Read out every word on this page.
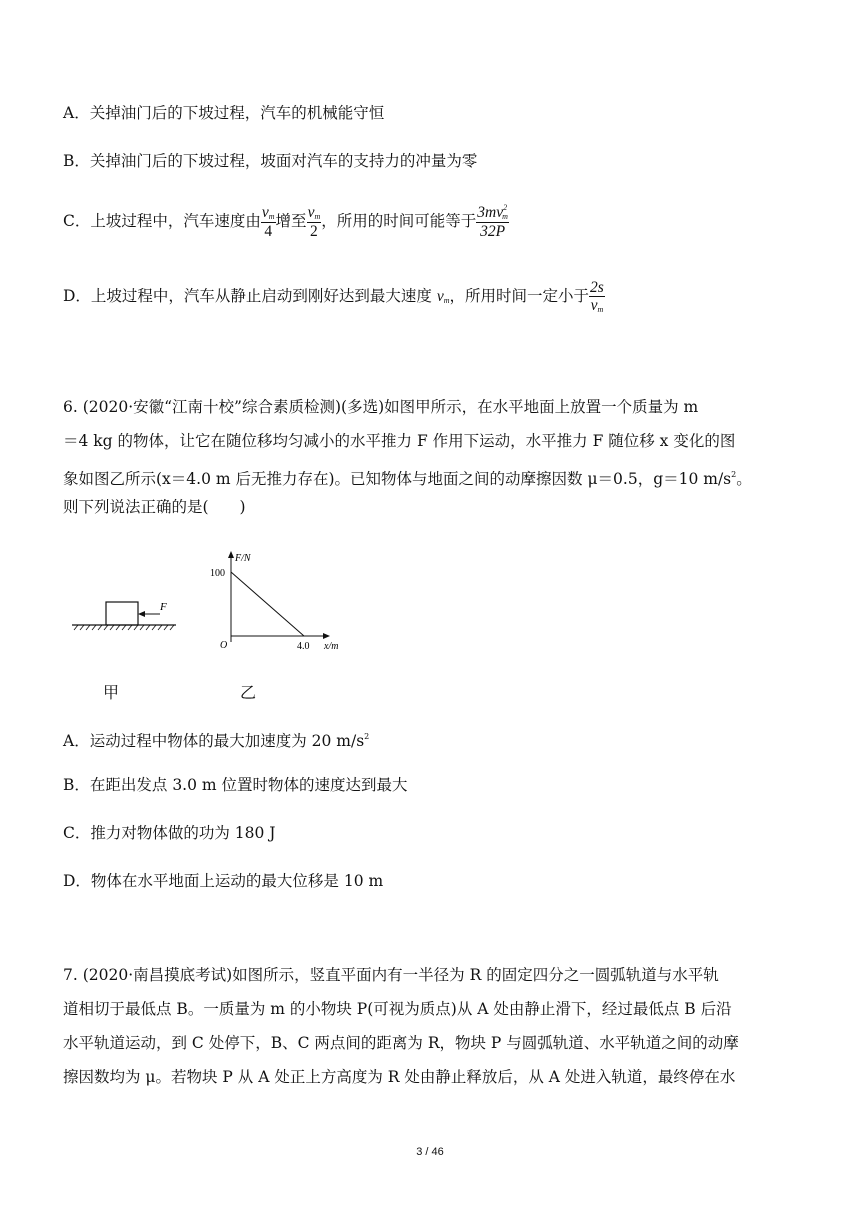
A．关掉油门后的下坡过程，汽车的机械能守恒
B．关掉油门后的下坡过程，坡面对汽车的支持力的冲量为零
C．上坡过程中，汽车速度由 $\frac{v_m}{4}$ 增至 $\frac{v_m}{2}$ ，所用的时间可能等于 $\frac{3mv^2_m}{32P}$
D．上坡过程中，汽车从静止启动到刚好达到最大速度 $v_m$，所用时间一定小于 $\frac{2s}{v_m}$
6. (2020·安徽“江南十校”综合素质检测)(多选)如图甲所示，在水平地面上放置一个质量为 m
＝4 kg 的物体，让它在随位移均匀减小的水平推力 F 作用下运动，水平推力 F 随位移 x 变化的图
象如图乙所示(x＝4.0 m 后无推力存在)。已知物体与地面之间的动摩擦因数 μ＝0.5，g＝10 $m/s^2$。
则下列说法正确的是(　　)
F
F/N
100
O	4.0 x/m
甲	乙
A．运动过程中物体的最大加速度为 20 $m/s^2$
B．在距出发点 3.0 m 位置时物体的速度达到最大
C．推力对物体做的功为 180 J
D．物体在水平地面上运动的最大位移是 10 m
7. (2020·南昌摸底考试)如图所示，竖直平面内有一半径为 R 的固定四分之一圆弧轨道与水平轨
道相切于最低点 B。一质量为 m 的小物块 P(可视为质点)从 A 处由静止滑下，经过最低点 B 后沿
水平轨道运动，到 C 处停下，B、C 两点间的距离为 R，物块 P 与圆弧轨道、水平轨道之间的动摩
擦因数均为 μ。若物块 P 从 A 处正上方高度为 R 处由静止释放后，从 A 处进入轨道，最终停在水
3 / 46
